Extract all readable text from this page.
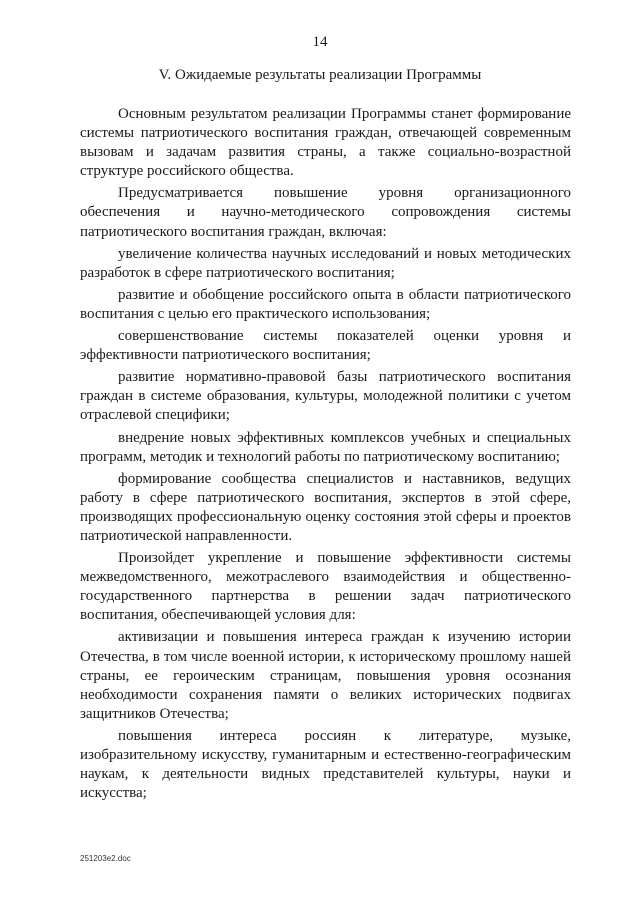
14
V. Ожидаемые результаты реализации Программы

Основным результатом реализации Программы станет формирование системы патриотического воспитания граждан, отвечающей современным вызовам и задачам развития страны, а также социально-возрастной структуре российского общества.

Предусматривается повышение уровня организационного обеспечения и научно-методического сопровождения системы патриотического воспитания граждан, включая:

увеличение количества научных исследований и новых методических разработок в сфере патриотического воспитания;

развитие и обобщение российского опыта в области патриотического воспитания с целью его практического использования;

совершенствование системы показателей оценки уровня и эффективности патриотического воспитания;

развитие нормативно-правовой базы патриотического воспитания граждан в системе образования, культуры, молодежной политики с учетом отраслевой специфики;

внедрение новых эффективных комплексов учебных и специальных программ, методик и технологий работы по патриотическому воспитанию;

формирование сообщества специалистов и наставников, ведущих работу в сфере патриотического воспитания, экспертов в этой сфере, производящих профессиональную оценку состояния этой сферы и проектов патриотической направленности.

Произойдет укрепление и повышение эффективности системы межведомственного, межотраслевого взаимодействия и общественно-государственного партнерства в решении задач патриотического воспитания, обеспечивающей условия для:

активизации и повышения интереса граждан к изучению истории Отечества, в том числе военной истории, к историческому прошлому нашей страны, ее героическим страницам, повышения уровня осознания необходимости сохранения памяти о великих исторических подвигах защитников Отечества;

повышения интереса россиян к литературе, музыке, изобразительному искусству, гуманитарным и естественно-географическим наукам, к деятельности видных представителей культуры, науки и искусства;

251203e2.doc
